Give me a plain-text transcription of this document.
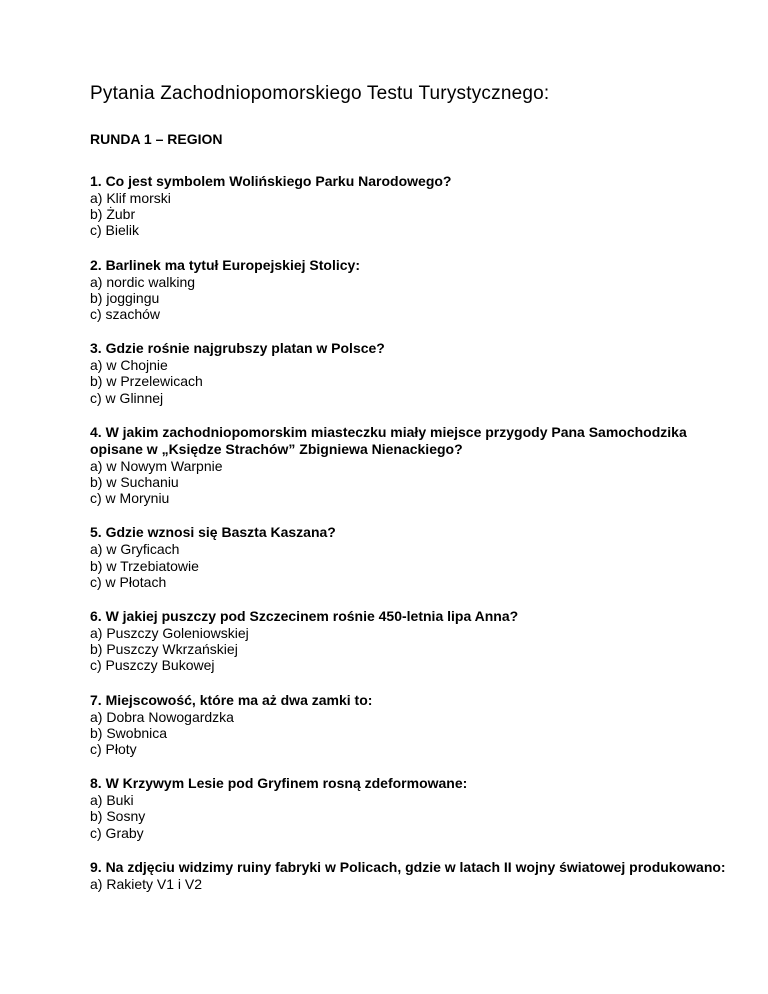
Pytania Zachodniopomorskiego Testu Turystycznego:
RUNDA 1 – REGION

1. Co jest symbolem Wolińskiego Parku Narodowego?

a) Klif morski
b) Żubr
c) Bielik

2. Barlinek ma tytuł Europejskiej Stolicy:

a) nordic walking
b) joggingu
c) szachów

3. Gdzie rośnie najgrubszy platan w Polsce?

a) w Chojnie
b) w Przelewicach
c) w Glinnej

4. W jakim zachodniopomorskim miasteczku miały miejsce przygody Pana Samochodzika opisane w „Księdze Strachów” Zbigniewa Nienackiego?

a) w Nowym Warpnie
b) w Suchaniu
c) w Moryniu

5. Gdzie wznosi się Baszta Kaszana?

a) w Gryficach
b) w Trzebiatowie
c) w Płotach

6. W jakiej puszczy pod Szczecinem rośnie 450-letnia lipa Anna?

a) Puszczy Goleniowskiej
b) Puszczy Wkrzańskiej
c) Puszczy Bukowej

7. Miejscowość, które ma aż dwa zamki to:

a) Dobra Nowogardzka
b) Swobnica
c) Płoty

8. W Krzywym Lesie pod Gryfinem rosną zdeformowane:

a) Buki
b) Sosny
c) Graby

9. Na zdjęciu widzimy ruiny fabryki w Policach, gdzie w latach II wojny światowej produkowano:

a) Rakiety V1 i V2
